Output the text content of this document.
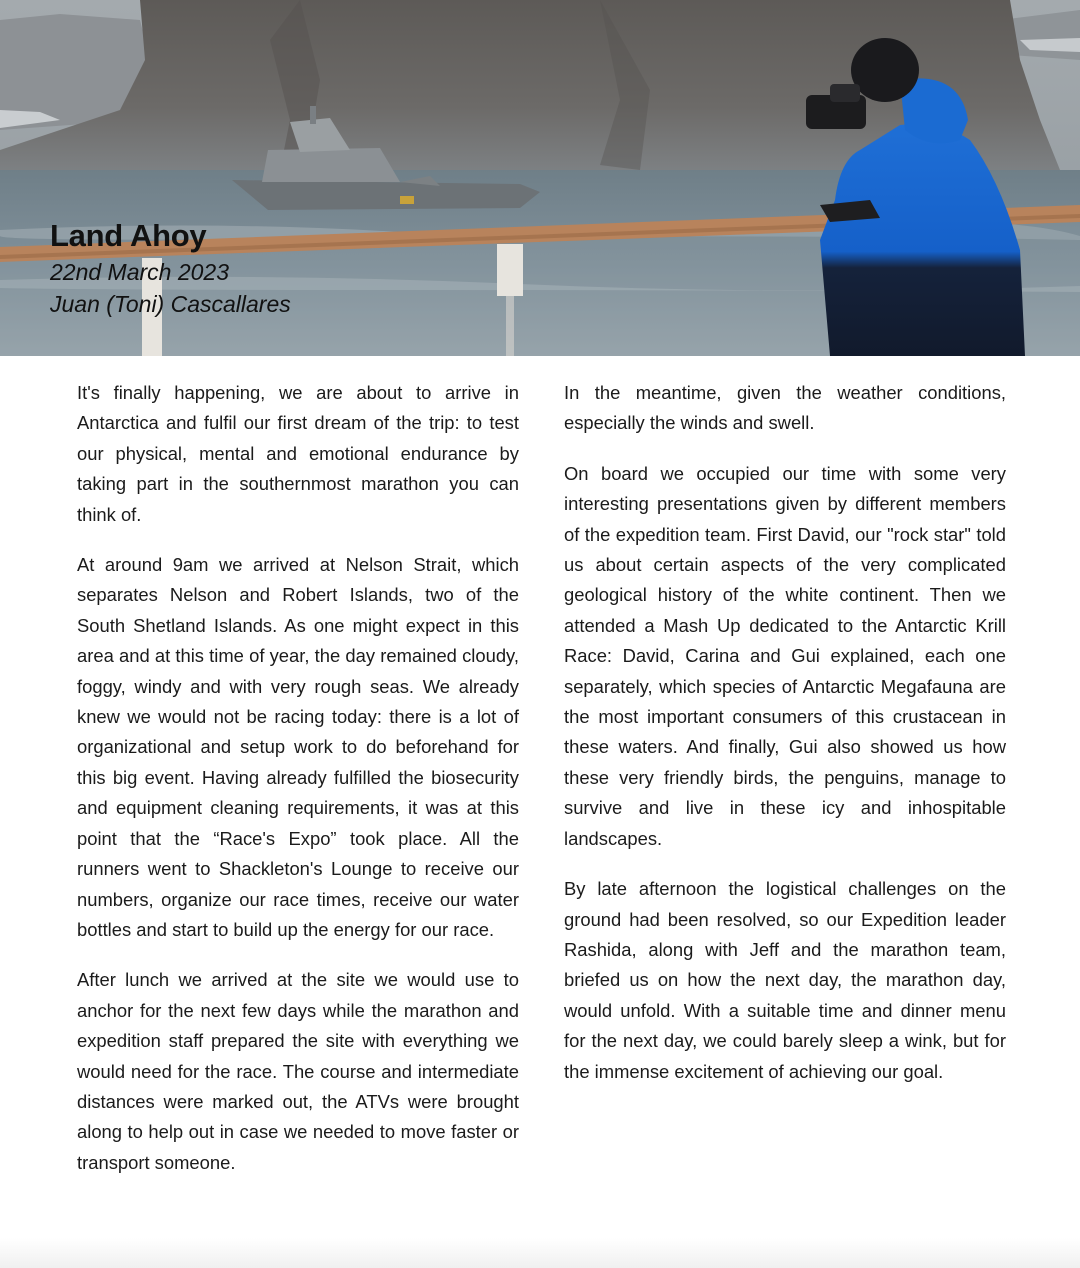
Land Ahoy

22nd March 2023

Juan (Toni) Cascallares

It's finally happening, we are about to arrive in Antarctica and fulfil our first dream of the trip: to test our physical, mental and emotional endurance by taking part in the southernmost marathon you can think of.

At around 9am we arrived at Nelson Strait, which separates Nelson and Robert Islands, two of the South Shetland Islands. As one might expect in this area and at this time of year, the day remained cloudy, foggy, windy and with very rough seas. We already knew we would not be racing today: there is a lot of organizational and setup work to do beforehand for this big event. Having already fulfilled the biosecurity and equipment cleaning requirements, it was at this point that the “Race's Expo” took place. All the runners went to Shackleton's Lounge to receive our numbers, organize our race times, receive our water bottles and start to build up the energy for our race.

After lunch we arrived at the site we would use to anchor for the next few days while the marathon and expedition staff prepared the site with everything we would need for the race. The course and intermediate distances were marked out, the ATVs were brought along to help out in case we needed to move faster or transport someone.

In the meantime, given the weather conditions, especially the winds and swell.

On board we occupied our time with some very interesting presentations given by different members of the expedition team. First David, our "rock star" told us about certain aspects of the very complicated geological history of the white continent. Then we attended a Mash Up dedicated to the Antarctic Krill Race: David, Carina and Gui explained, each one separately, which species of Antarctic Megafauna are the most important consumers of this crustacean in these waters. And finally, Gui also showed us how these very friendly birds, the penguins, manage to survive and live in these icy and inhospitable landscapes.

By late afternoon the logistical challenges on the ground had been resolved, so our Expedition leader Rashida, along with Jeff and the marathon team, briefed us on how the next day, the marathon day, would unfold. With a suitable time and dinner menu for the next day, we could barely sleep a wink, but for the immense excitement of achieving our goal.
